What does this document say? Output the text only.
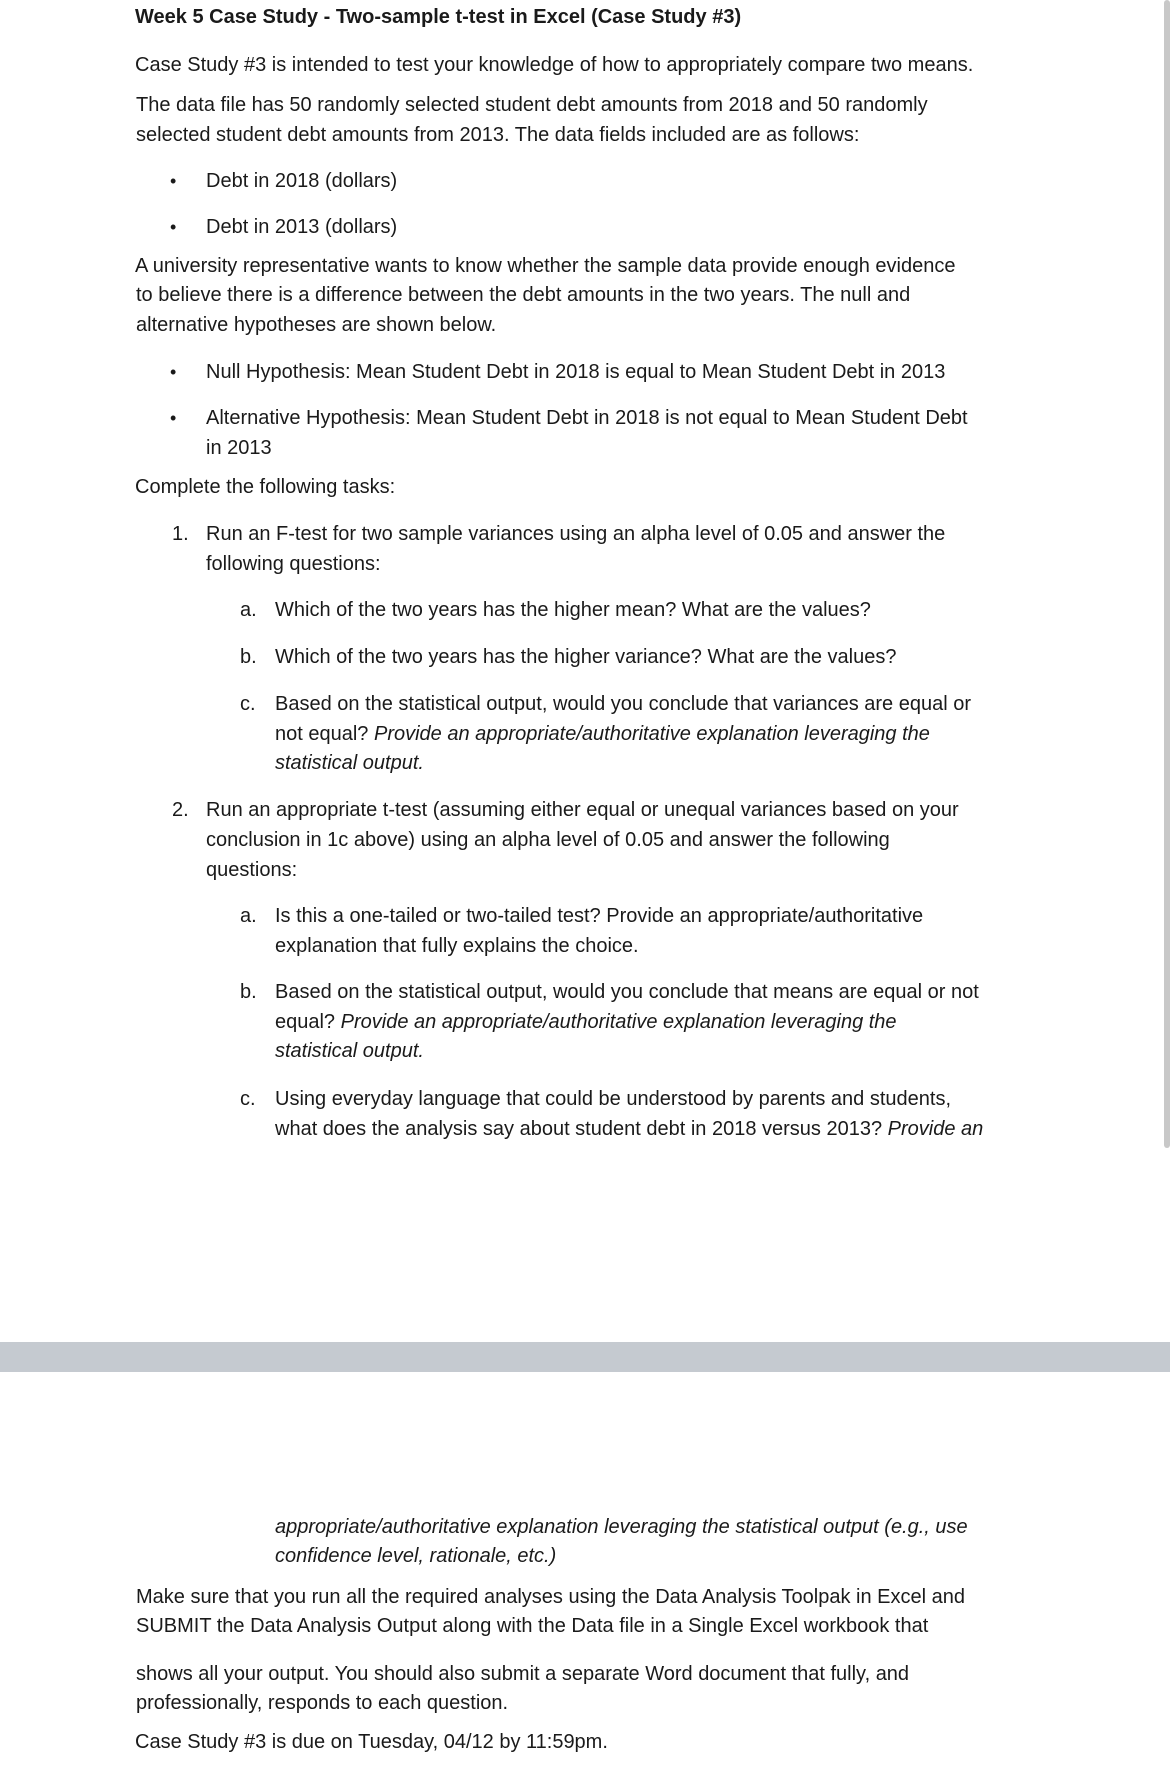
Week 5 Case Study - Two-sample t-test in Excel (Case Study #3)
Case Study #3 is intended to test your knowledge of how to appropriately compare two means.
The data file has 50 randomly selected student debt amounts from 2018 and 50 randomly
selected student debt amounts from 2013. The data fields included are as follows:
• Debt in 2018 (dollars)
• Debt in 2013 (dollars)
A university representative wants to know whether the sample data provide enough evidence
to believe there is a difference between the debt amounts in the two years. The null and
alternative hypotheses are shown below.
• Null Hypothesis: Mean Student Debt in 2018 is equal to Mean Student Debt in 2013
• Alternative Hypothesis: Mean Student Debt in 2018 is not equal to Mean Student Debt
in 2013
Complete the following tasks:
1. Run an F-test for two sample variances using an alpha level of 0.05 and answer the
following questions:
a. Which of the two years has the higher mean? What are the values?
b. Which of the two years has the higher variance? What are the values?
c. Based on the statistical output, would you conclude that variances are equal or
not equal? Provide an appropriate/authoritative explanation leveraging the
statistical output.
2. Run an appropriate t-test (assuming either equal or unequal variances based on your
conclusion in 1c above) using an alpha level of 0.05 and answer the following
questions:
a. Is this a one-tailed or two-tailed test? Provide an appropriate/authoritative
explanation that fully explains the choice.
b. Based on the statistical output, would you conclude that means are equal or not
equal? Provide an appropriate/authoritative explanation leveraging the
statistical output.
c. Using everyday language that could be understood by parents and students,
what does the analysis say about student debt in 2018 versus 2013? Provide an
appropriate/authoritative explanation leveraging the statistical output (e.g., use
confidence level, rationale, etc.)
Make sure that you run all the required analyses using the Data Analysis Toolpak in Excel and
SUBMIT the Data Analysis Output along with the Data file in a Single Excel workbook that
shows all your output. You should also submit a separate Word document that fully, and
professionally, responds to each question.
Case Study #3 is due on Tuesday, 04/12 by 11:59pm.
